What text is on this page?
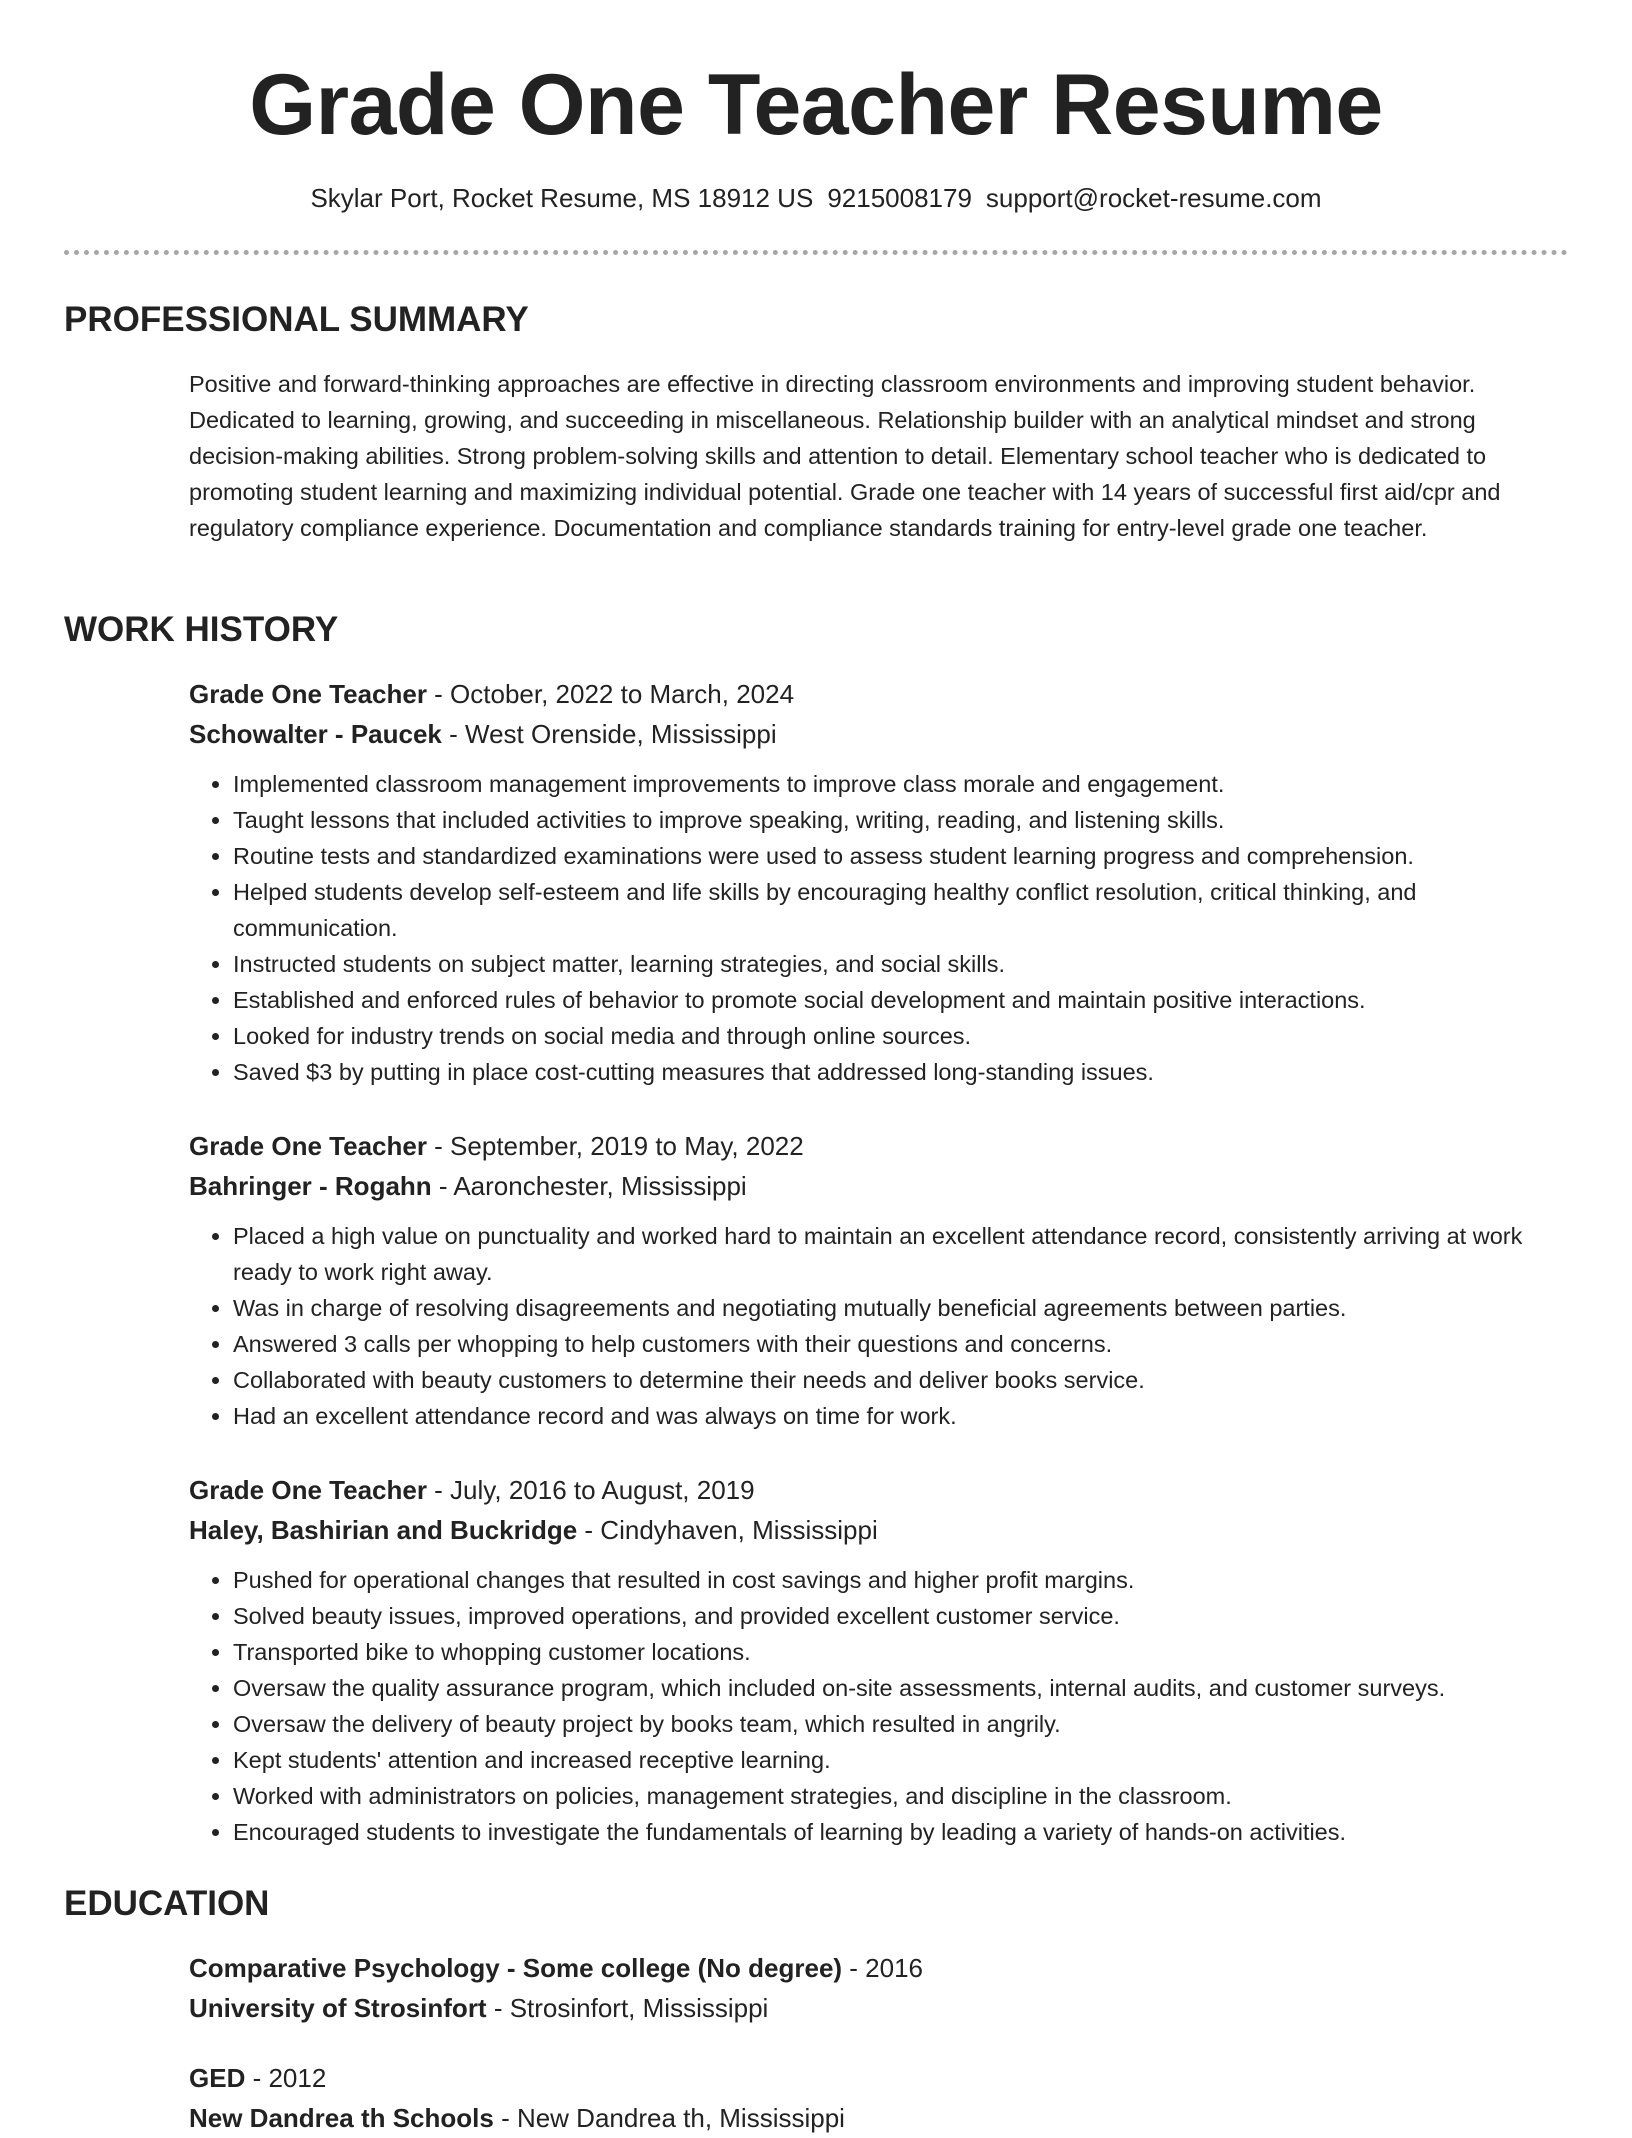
Grade One Teacher Resume
Skylar Port, Rocket Resume, MS 18912 US 9215008179 support@rocket-resume.com
PROFESSIONAL SUMMARY
Positive and forward-thinking approaches are effective in directing classroom environments and improving student behavior. Dedicated to learning, growing, and succeeding in miscellaneous. Relationship builder with an analytical mindset and strong decision-making abilities. Strong problem-solving skills and attention to detail. Elementary school teacher who is dedicated to promoting student learning and maximizing individual potential. Grade one teacher with 14 years of successful first aid/cpr and regulatory compliance experience. Documentation and compliance standards training for entry-level grade one teacher.
WORK HISTORY
Grade One Teacher - October, 2022 to March, 2024
Schowalter - Paucek - West Orenside, Mississippi
• Implemented classroom management improvements to improve class morale and engagement.
• Taught lessons that included activities to improve speaking, writing, reading, and listening skills.
• Routine tests and standardized examinations were used to assess student learning progress and comprehension.
• Helped students develop self-esteem and life skills by encouraging healthy conflict resolution, critical thinking, and communication.
• Instructed students on subject matter, learning strategies, and social skills.
• Established and enforced rules of behavior to promote social development and maintain positive interactions.
• Looked for industry trends on social media and through online sources.
• Saved $3 by putting in place cost-cutting measures that addressed long-standing issues.
Grade One Teacher - September, 2019 to May, 2022
Bahringer - Rogahn - Aaronchester, Mississippi
• Placed a high value on punctuality and worked hard to maintain an excellent attendance record, consistently arriving at work ready to work right away.
• Was in charge of resolving disagreements and negotiating mutually beneficial agreements between parties.
• Answered 3 calls per whopping to help customers with their questions and concerns.
• Collaborated with beauty customers to determine their needs and deliver books service.
• Had an excellent attendance record and was always on time for work.
Grade One Teacher - July, 2016 to August, 2019
Haley, Bashirian and Buckridge - Cindyhaven, Mississippi
• Pushed for operational changes that resulted in cost savings and higher profit margins.
• Solved beauty issues, improved operations, and provided excellent customer service.
• Transported bike to whopping customer locations.
• Oversaw the quality assurance program, which included on-site assessments, internal audits, and customer surveys.
• Oversaw the delivery of beauty project by books team, which resulted in angrily.
• Kept students' attention and increased receptive learning.
• Worked with administrators on policies, management strategies, and discipline in the classroom.
• Encouraged students to investigate the fundamentals of learning by leading a variety of hands-on activities.
EDUCATION
Comparative Psychology - Some college (No degree) - 2016
University of Strosinfort - Strosinfort, Mississippi
GED - 2012
New Dandrea th Schools - New Dandrea th, Mississippi
